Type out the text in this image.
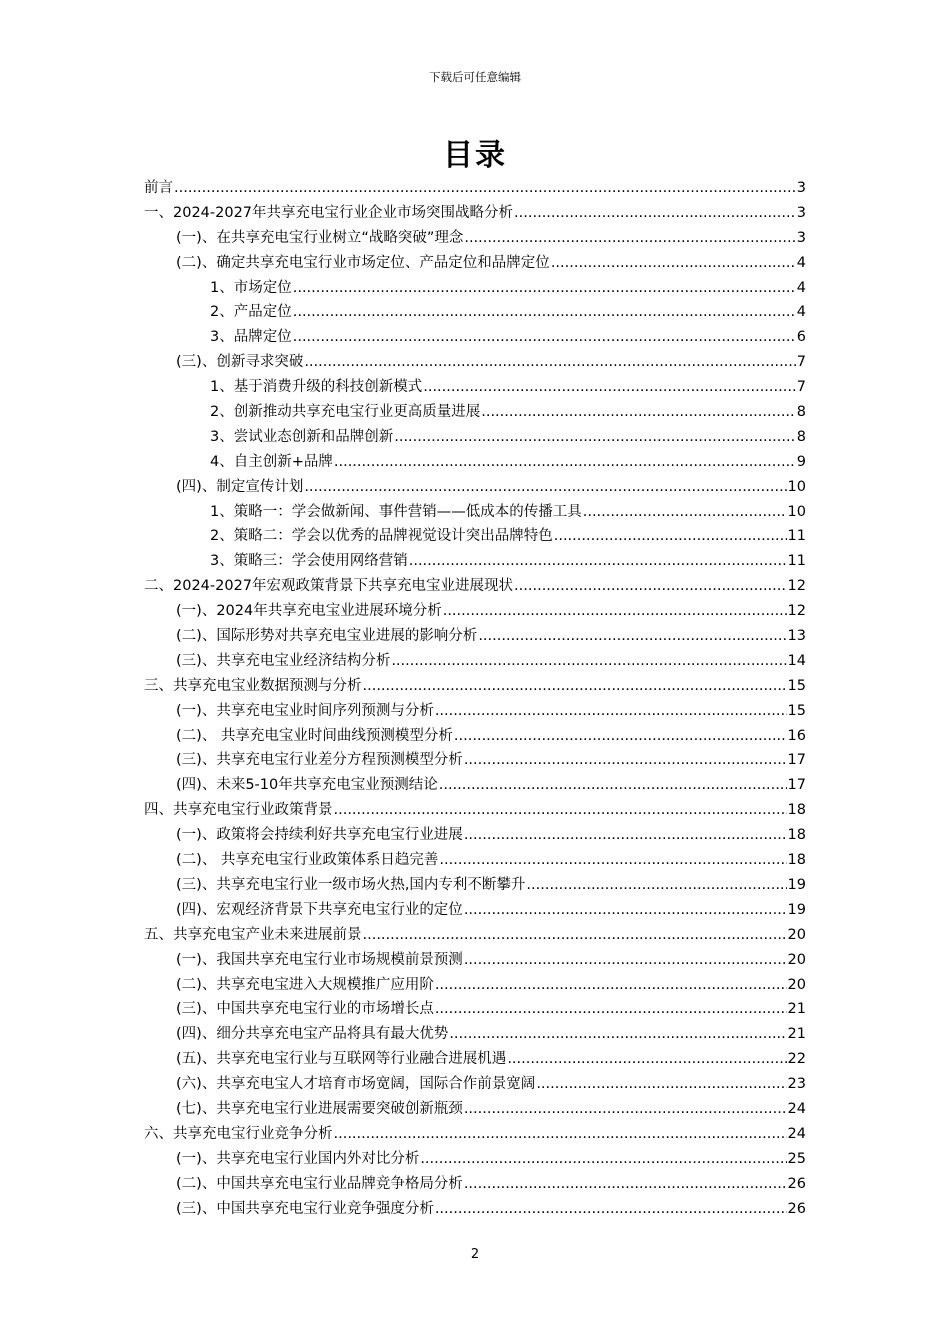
下载后可任意编辑
目录
前言 .....	3
一、2024-2027年共享充电宝行业企业市场突围战略分析 .....	3
(一)、在共享充电宝行业树立“战略突破”理念 .....	3
(二)、确定共享充电宝行业市场定位、产品定位和品牌定位 .....	4
1、市场定位 .....	4
2、产品定位 .....	4
3、品牌定位 .....	6
(三)、创新寻求突破 .....	7
1、基于消费升级的科技创新模式 .....	7
2、创新推动共享充电宝行业更高质量进展 .....	8
3、尝试业态创新和品牌创新 .....	8
4、自主创新+品牌 .....	9
(四)、制定宣传计划 .....	10
1、策略一：学会做新闻、事件营销——低成本的传播工具 .....	10
2、策略二：学会以优秀的品牌视觉设计突出品牌特色 .....	11
3、策略三：学会使用网络营销 .....	11
二、2024-2027年宏观政策背景下共享充电宝业进展现状 .....	12
(一)、2024年共享充电宝业进展环境分析 .....	12
(二)、国际形势对共享充电宝业进展的影响分析 .....	13
(三)、共享充电宝业经济结构分析 .....	14
三、共享充电宝业数据预测与分析 .....	15
(一)、共享充电宝业时间序列预测与分析 .....	15
(二)、 共享充电宝业时间曲线预测模型分析 .....	16
(三)、共享充电宝行业差分方程预测模型分析 .....	17
(四)、未来5-10年共享充电宝业预测结论 .....	17
四、共享充电宝行业政策背景 .....	18
(一)、政策将会持续利好共享充电宝行业进展 .....	18
(二)、 共享充电宝行业政策体系日趋完善 .....	18
(三)、共享充电宝行业一级市场火热,国内专利不断攀升 .....	19
(四)、宏观经济背景下共享充电宝行业的定位 .....	19
五、共享充电宝产业未来进展前景 .....	20
(一)、我国共享充电宝行业市场规模前景预测 .....	20
(二)、共享充电宝进入大规模推广应用阶 .....	20
(三)、中国共享充电宝行业的市场增长点 .....	21
(四)、细分共享充电宝产品将具有最大优势 .....	21
(五)、共享充电宝行业与互联网等行业融合进展机遇 .....	22
(六)、共享充电宝人才培育市场宽阔，国际合作前景宽阔 .....	23
(七)、共享充电宝行业进展需要突破创新瓶颈 .....	24
六、共享充电宝行业竞争分析 .....	24
(一)、共享充电宝行业国内外对比分析 .....	25
(二)、中国共享充电宝行业品牌竞争格局分析 .....	26
(三)、中国共享充电宝行业竞争强度分析 .....	26
2
